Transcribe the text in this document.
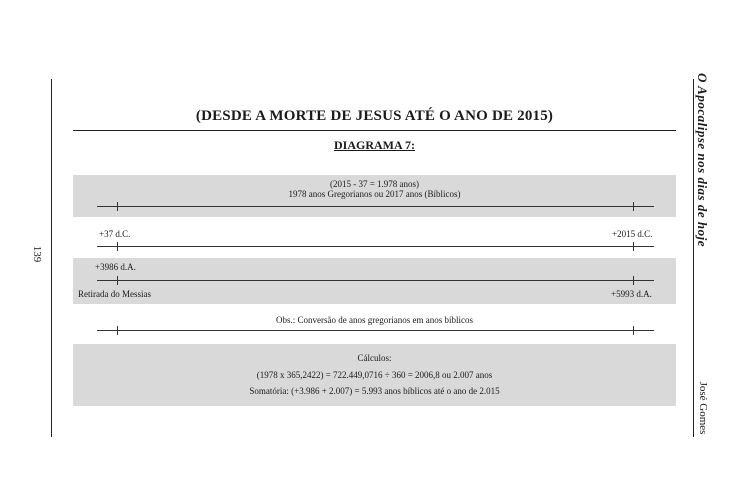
139
O Apocalipse nos dias de hoje
José Gomes
(DESDE A MORTE DE JESUS ATÉ O ANO DE 2015)
DIAGRAMA 7:
(2015 - 37 = 1.978 anos)
1978 anos Gregorianos ou 2017 anos (Bíblicos)
+37 d.C.	+2015 d.C.
+3986 d.A.
Retirada do Messias	+5993 d.A.
Obs.: Conversão de anos gregorianos em anos bíblicos
Cálculos:
(1978 x 365,2422) = 722.449,0716 ÷ 360 = 2006,8 ou 2.007 anos
Somatória: (+3.986 + 2.007) = 5.993 anos bíblicos até o ano de 2.015
